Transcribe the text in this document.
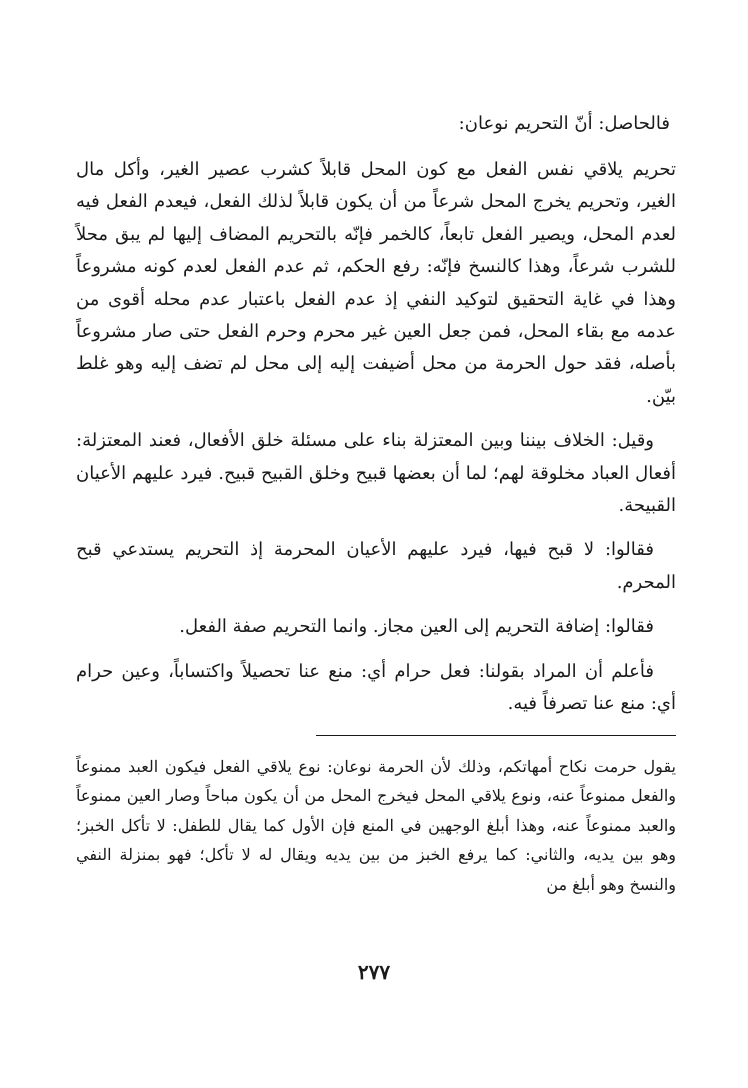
فالحاصل: أنّ التحريم نوعان:

تحريم يلاقي نفس الفعل مع كون المحل قابلاً كشرب عصير الغير، وأكل مال الغير، وتحريم يخرج المحل شرعاً من أن يكون قابلاً لذلك الفعل، فيعدم الفعل فيه لعدم المحل، ويصير الفعل تابعاً، كالخمر فإنّه بالتحريم المضاف إليها لم يبق محلاً للشرب شرعاً، وهذا كالنسخ فإنّه: رفع الحكم، ثم عدم الفعل لعدم كونه مشروعاً وهذا في غاية التحقيق لتوكيد النفي إذ عدم الفعل باعتبار عدم محله أقوى من عدمه مع بقاء المحل، فمن جعل العين غير محرم وحرم الفعل حتى صار مشروعاً بأصله، فقد حول الحرمة من محل أضيفت إليه إلى محل لم تضف إليه وهو غلط بيّن.

وقيل: الخلاف بيننا وبين المعتزلة بناء على مسئلة خلق الأفعال، فعند المعتزلة: أفعال العباد مخلوقة لهم؛ لما أن بعضها قبيح وخلق القبيح قبيح. فيرد عليهم الأعيان القبيحة.

فقالوا: لا قبح فيها، فيرد عليهم الأعيان المحرمة إذ التحريم يستدعي قبح المحرم.

فقالوا: إضافة التحريم إلى العين مجاز. وانما التحريم صفة الفعل.

فأعلم أن المراد بقولنا: فعل حرام أي: منع عنا تحصيلاً واكتساباً، وعين حرام أي: منع عنا تصرفاً فيه.

يقول حرمت نكاح أمهاتكم، وذلك لأن الحرمة نوعان: نوع يلاقي الفعل فيكون العبد ممنوعاً والفعل ممنوعاً عنه، ونوع يلاقي المحل فيخرج المحل من أن يكون مباحاً وصار العين ممنوعاً والعبد ممنوعاً عنه، وهذا أبلغ الوجهين في المنع فإن الأول كما يقال للطفل: لا تأكل الخبز؛ وهو بين يديه، والثاني: كما يرفع الخبز من بين يديه ويقال له لا تأكل؛ فهو بمنزلة النفي والنسخ وهو أبلغ من

٢٧٧
